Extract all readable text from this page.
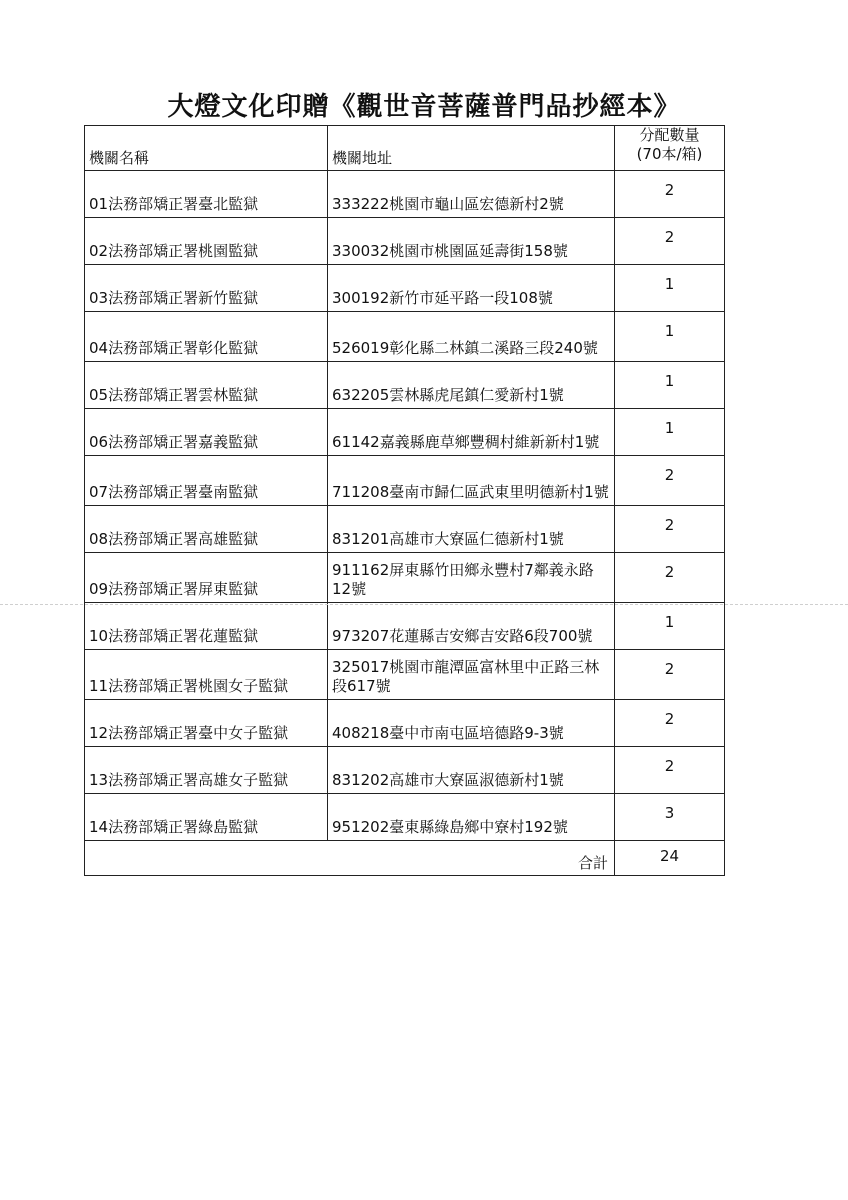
大燈文化印贈《觀世音菩薩普門品抄經本》
機關名稱	機關地址	分配數量
(70本/箱)

01法務部矯正署臺北監獄	333222桃園市龜山區宏德新村2號	2
02法務部矯正署桃園監獄	330032桃園市桃園區延壽街158號	2
03法務部矯正署新竹監獄	300192新竹市延平路一段108號	1
04法務部矯正署彰化監獄	526019彰化縣二林鎮二溪路三段240號	1
05法務部矯正署雲林監獄	632205雲林縣虎尾鎮仁愛新村1號	1
06法務部矯正署嘉義監獄	61142嘉義縣鹿草鄉豐稠村維新新村1號	1
07法務部矯正署臺南監獄	711208臺南市歸仁區武東里明德新村1號	2
08法務部矯正署高雄監獄	831201高雄市大寮區仁德新村1號	2
09法務部矯正署屏東監獄	911162屏東縣竹田鄉永豐村7鄰義永路12號	2
10法務部矯正署花蓮監獄	973207花蓮縣吉安鄉吉安路6段700號	1
11法務部矯正署桃園女子監獄	325017桃園市龍潭區富林里中正路三林段617號	2
12法務部矯正署臺中女子監獄	408218臺中市南屯區培德路9-3號	2
13法務部矯正署高雄女子監獄	831202高雄市大寮區淑德新村1號	2
14法務部矯正署綠島監獄	951202臺東縣綠島鄉中寮村192號	3
合計		24
